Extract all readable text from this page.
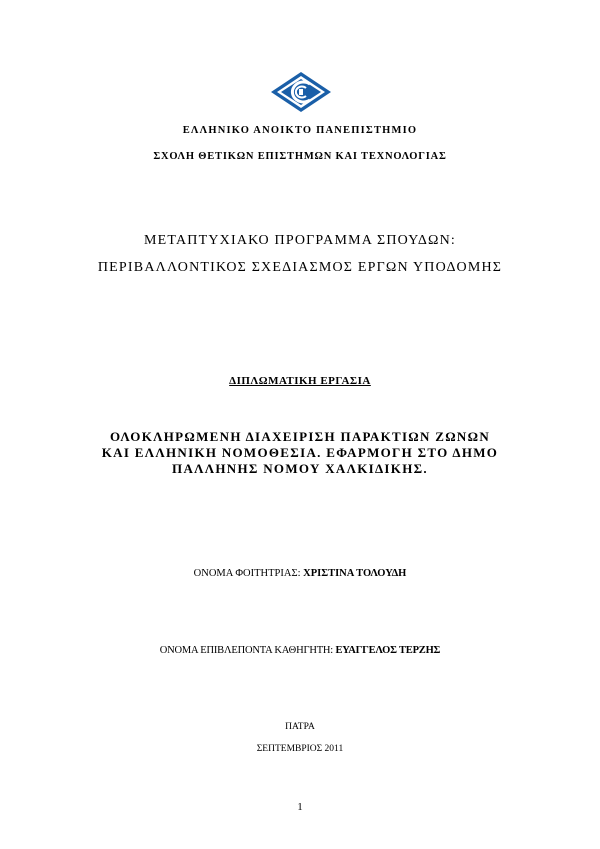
ΕΛΛΗΝΙΚΟ ΑΝΟΙΚΤΟ ΠΑΝΕΠΙΣΤΗΜΙΟ
ΣΧΟΛΗ ΘΕΤΙΚΩΝ ΕΠΙΣΤΗΜΩΝ ΚΑΙ ΤΕΧΝΟΛΟΓΙΑΣ
ΜΕΤΑΠΤΥΧΙΑΚΟ ΠΡΟΓΡΑΜΜΑ ΣΠΟΥΔΩΝ:
ΠΕΡΙΒΑΛΛΟΝΤΙΚΟΣ ΣΧΕΔΙΑΣΜΟΣ ΕΡΓΩΝ ΥΠΟΔΟΜΗΣ
ΔΙΠΛΩΜΑΤΙΚΗ ΕΡΓΑΣΙΑ
ΟΛΟΚΛΗΡΩΜΕΝΗ ΔΙΑΧΕΙΡΙΣΗ ΠΑΡΑΚΤΙΩΝ ΖΩΝΩΝ
ΚΑΙ ΕΛΛΗΝΙΚΗ ΝΟΜΟΘΕΣΙΑ. ΕΦΑΡΜΟΓΗ ΣΤΟ ΔΗΜΟ
ΠΑΛΛΗΝΗΣ ΝΟΜΟΥ ΧΑΛΚΙΔΙΚΗΣ.
ΟΝΟΜΑ ΦΟΙΤΗΤΡΙΑΣ: ΧΡΙΣΤΙΝΑ ΤΟΛΟΥΔΗ
ΟΝΟΜΑ ΕΠΙΒΛΕΠΟΝΤΑ ΚΑΘΗΓΗΤΗ: ΕΥΑΓΓΕΛΟΣ ΤΕΡΖΗΣ
ΠΑΤΡΑ
ΣΕΠΤΕΜΒΡΙΟΣ 2011
1
